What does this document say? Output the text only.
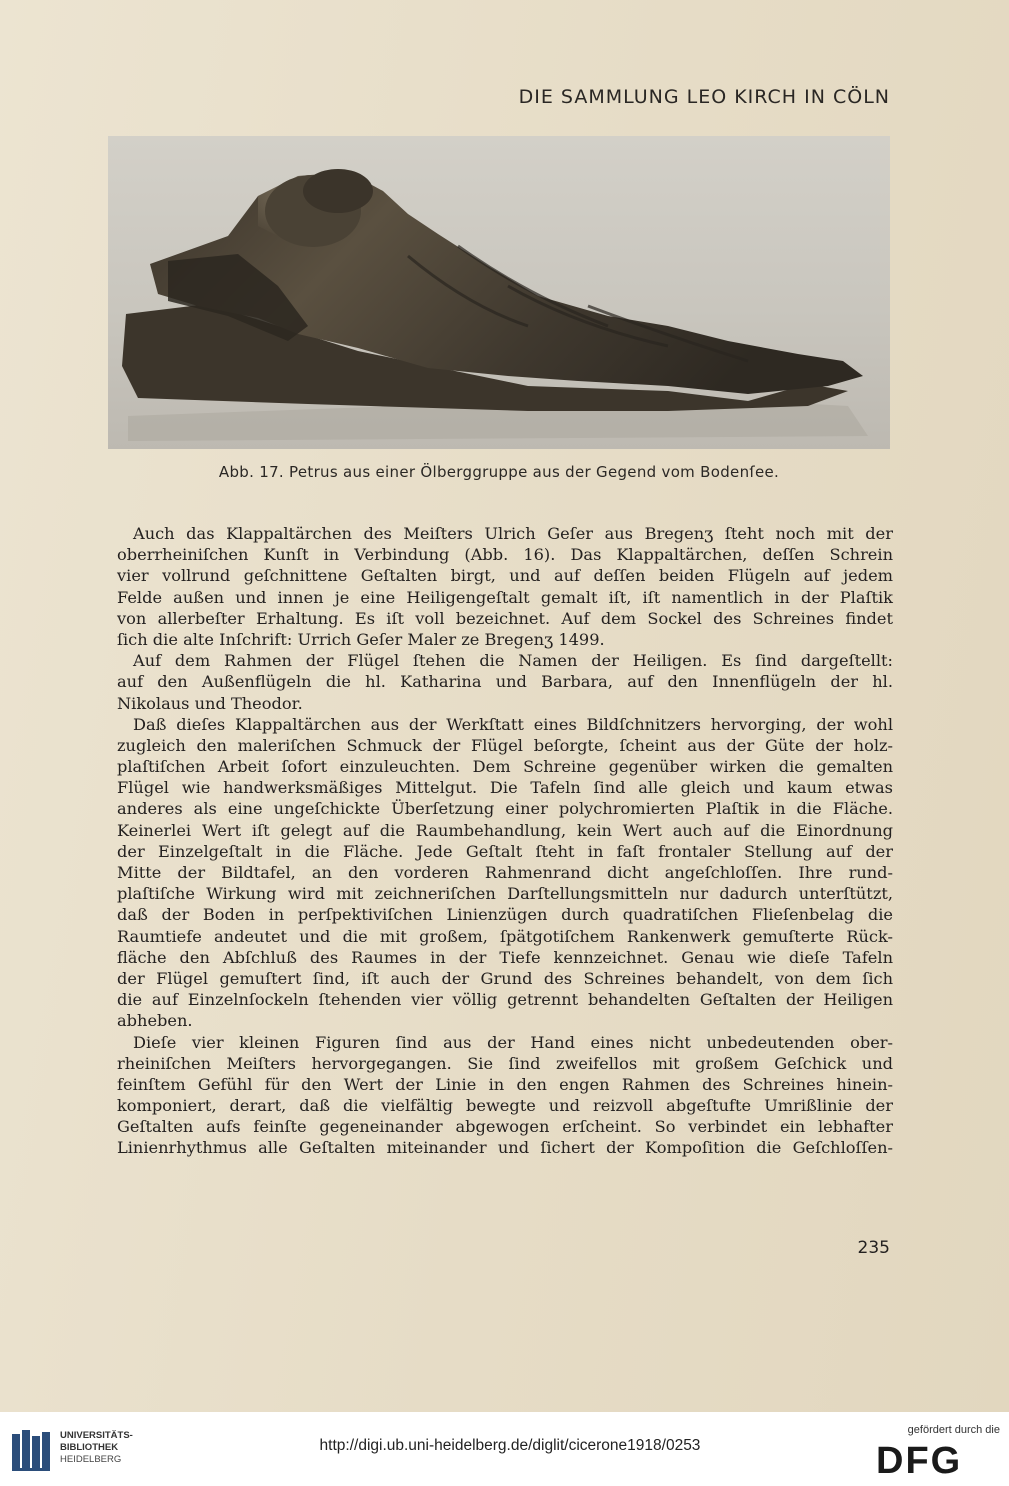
DIE SAMMLUNG LEO KIRCH IN CÖLN
Abb. 17. Petrus aus einer Ölberggruppe aus der Gegend vom Bodenſee.
Auch das Klappaltärchen des Meiſters Ulrich Geſer aus Bregenʒ ſteht noch mit der
oberrheiniſchen Kunſt in Verbindung (Abb. 16). Das Klappaltärchen, deſſen Schrein
vier vollrund geſchnittene Geſtalten birgt, und auf deſſen beiden Flügeln auf jedem
Felde außen und innen je eine Heiligengeſtalt gemalt iſt, iſt namentlich in der Plaſtik
von allerbeſter Erhaltung. Es iſt voll bezeichnet. Auf dem Sockel des Schreines findet
ſich die alte Inſchrift: Urrich Geſer Maler ze Bregenʒ 1499.
Auf dem Rahmen der Flügel ſtehen die Namen der Heiligen. Es ſind dargeſtellt:
auf den Außenflügeln die hl. Katharina und Barbara, auf den Innenflügeln der hl.
Nikolaus und Theodor.
Daß dieſes Klappaltärchen aus der Werkſtatt eines Bildſchnitzers hervorging, der wohl
zugleich den maleriſchen Schmuck der Flügel beſorgte, ſcheint aus der Güte der holz-
plaſtiſchen Arbeit ſofort einzuleuchten. Dem Schreine gegenüber wirken die gemalten
Flügel wie handwerksmäßiges Mittelgut. Die Tafeln ſind alle gleich und kaum etwas
anderes als eine ungeſchickte Überſetzung einer polychromierten Plaſtik in die Fläche.
Keinerlei Wert iſt gelegt auf die Raumbehandlung, kein Wert auch auf die Einordnung
der Einzelgeſtalt in die Fläche. Jede Geſtalt ſteht in faſt frontaler Stellung auf der
Mitte der Bildtafel, an den vorderen Rahmenrand dicht angeſchloſſen. Ihre rund-
plaſtiſche Wirkung wird mit zeichneriſchen Darſtellungsmitteln nur dadurch unterſtützt,
daß der Boden in perſpektiviſchen Linienzügen durch quadratiſchen Flieſenbelag die
Raumtiefe andeutet und die mit großem, ſpätgotiſchem Rankenwerk gemuſterte Rück-
fläche den Abſchluß des Raumes in der Tiefe kennzeichnet. Genau wie dieſe Tafeln
der Flügel gemuſtert ſind, iſt auch der Grund des Schreines behandelt, von dem ſich
die auf Einzelnſockeln ſtehenden vier völlig getrennt behandelten Geſtalten der Heiligen
abheben.
Dieſe vier kleinen Figuren ſind aus der Hand eines nicht unbedeutenden ober-
rheiniſchen Meiſters hervorgegangen. Sie ſind zweifellos mit großem Geſchick und
feinſtem Gefühl für den Wert der Linie in den engen Rahmen des Schreines hinein-
komponiert, derart, daß die vielfältig bewegte und reizvoll abgeſtufte Umrißlinie der
Geſtalten aufs feinſte gegeneinander abgewogen erſcheint. So verbindet ein lebhafter
Linienrhythmus alle Geſtalten miteinander und ſichert der Kompoſition die Geſchloſſen-
235
UNIVERSITÄTS-
BIBLIOTHEK
HEIDELBERG
http://digi.ub.uni-heidelberg.de/diglit/cicerone1918/0253
gefördert durch die
DFG
